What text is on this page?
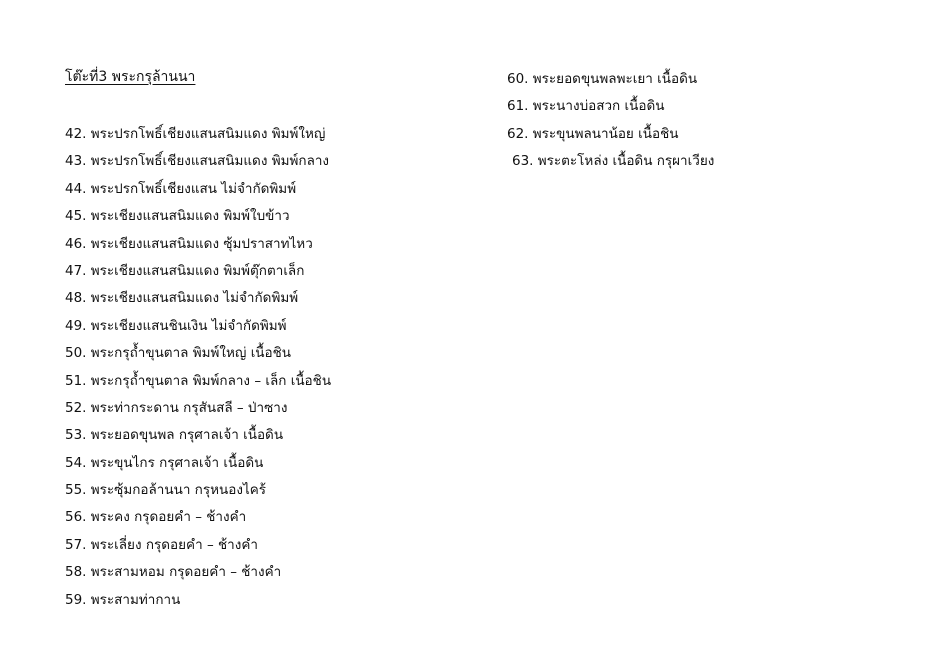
โต๊ะที่3 พระกรุล้านนา
42. พระปรกโพธิ์เชียงแสนสนิมแดง พิมพ์ใหญ่
43. พระปรกโพธิ์เชียงแสนสนิมแดง พิมพ์กลาง
44. พระปรกโพธิ์เชียงแสน ไม่จำกัดพิมพ์
45. พระเชียงแสนสนิมแดง พิมพ์ใบข้าว
46. พระเชียงแสนสนิมแดง ซุ้มปราสาทไหว
47. พระเชียงแสนสนิมแดง พิมพ์ตุ๊กตาเล็ก
48. พระเชียงแสนสนิมแดง ไม่จำกัดพิมพ์
49. พระเชียงแสนชินเงิน ไม่จำกัดพิมพ์
50. พระกรุถ้ำขุนตาล พิมพ์ใหญ่ เนื้อชิน
51. พระกรุถ้ำขุนตาล พิมพ์กลาง – เล็ก เนื้อชิน
52. พระท่ากระดาน กรุสันสลี – ป่าซาง
53. พระยอดขุนพล กรุศาลเจ้า เนื้อดิน
54. พระขุนไกร กรุศาลเจ้า เนื้อดิน
55. พระซุ้มกอล้านนา กรุหนองไคร้
56. พระคง กรุดอยคำ – ช้างคำ
57. พระเลี่ยง กรุดอยคำ – ช้างคำ
58. พระสามหอม กรุดอยคำ – ช้างคำ
59. พระสามท่ากาน
60. พระยอดขุนพลพะเยา เนื้อดิน
61. พระนางบ่อสวก เนื้อดิน
62. พระขุนพลนาน้อย เนื้อชิน
63. พระตะโหล่ง เนื้อดิน กรุผาเวียง
